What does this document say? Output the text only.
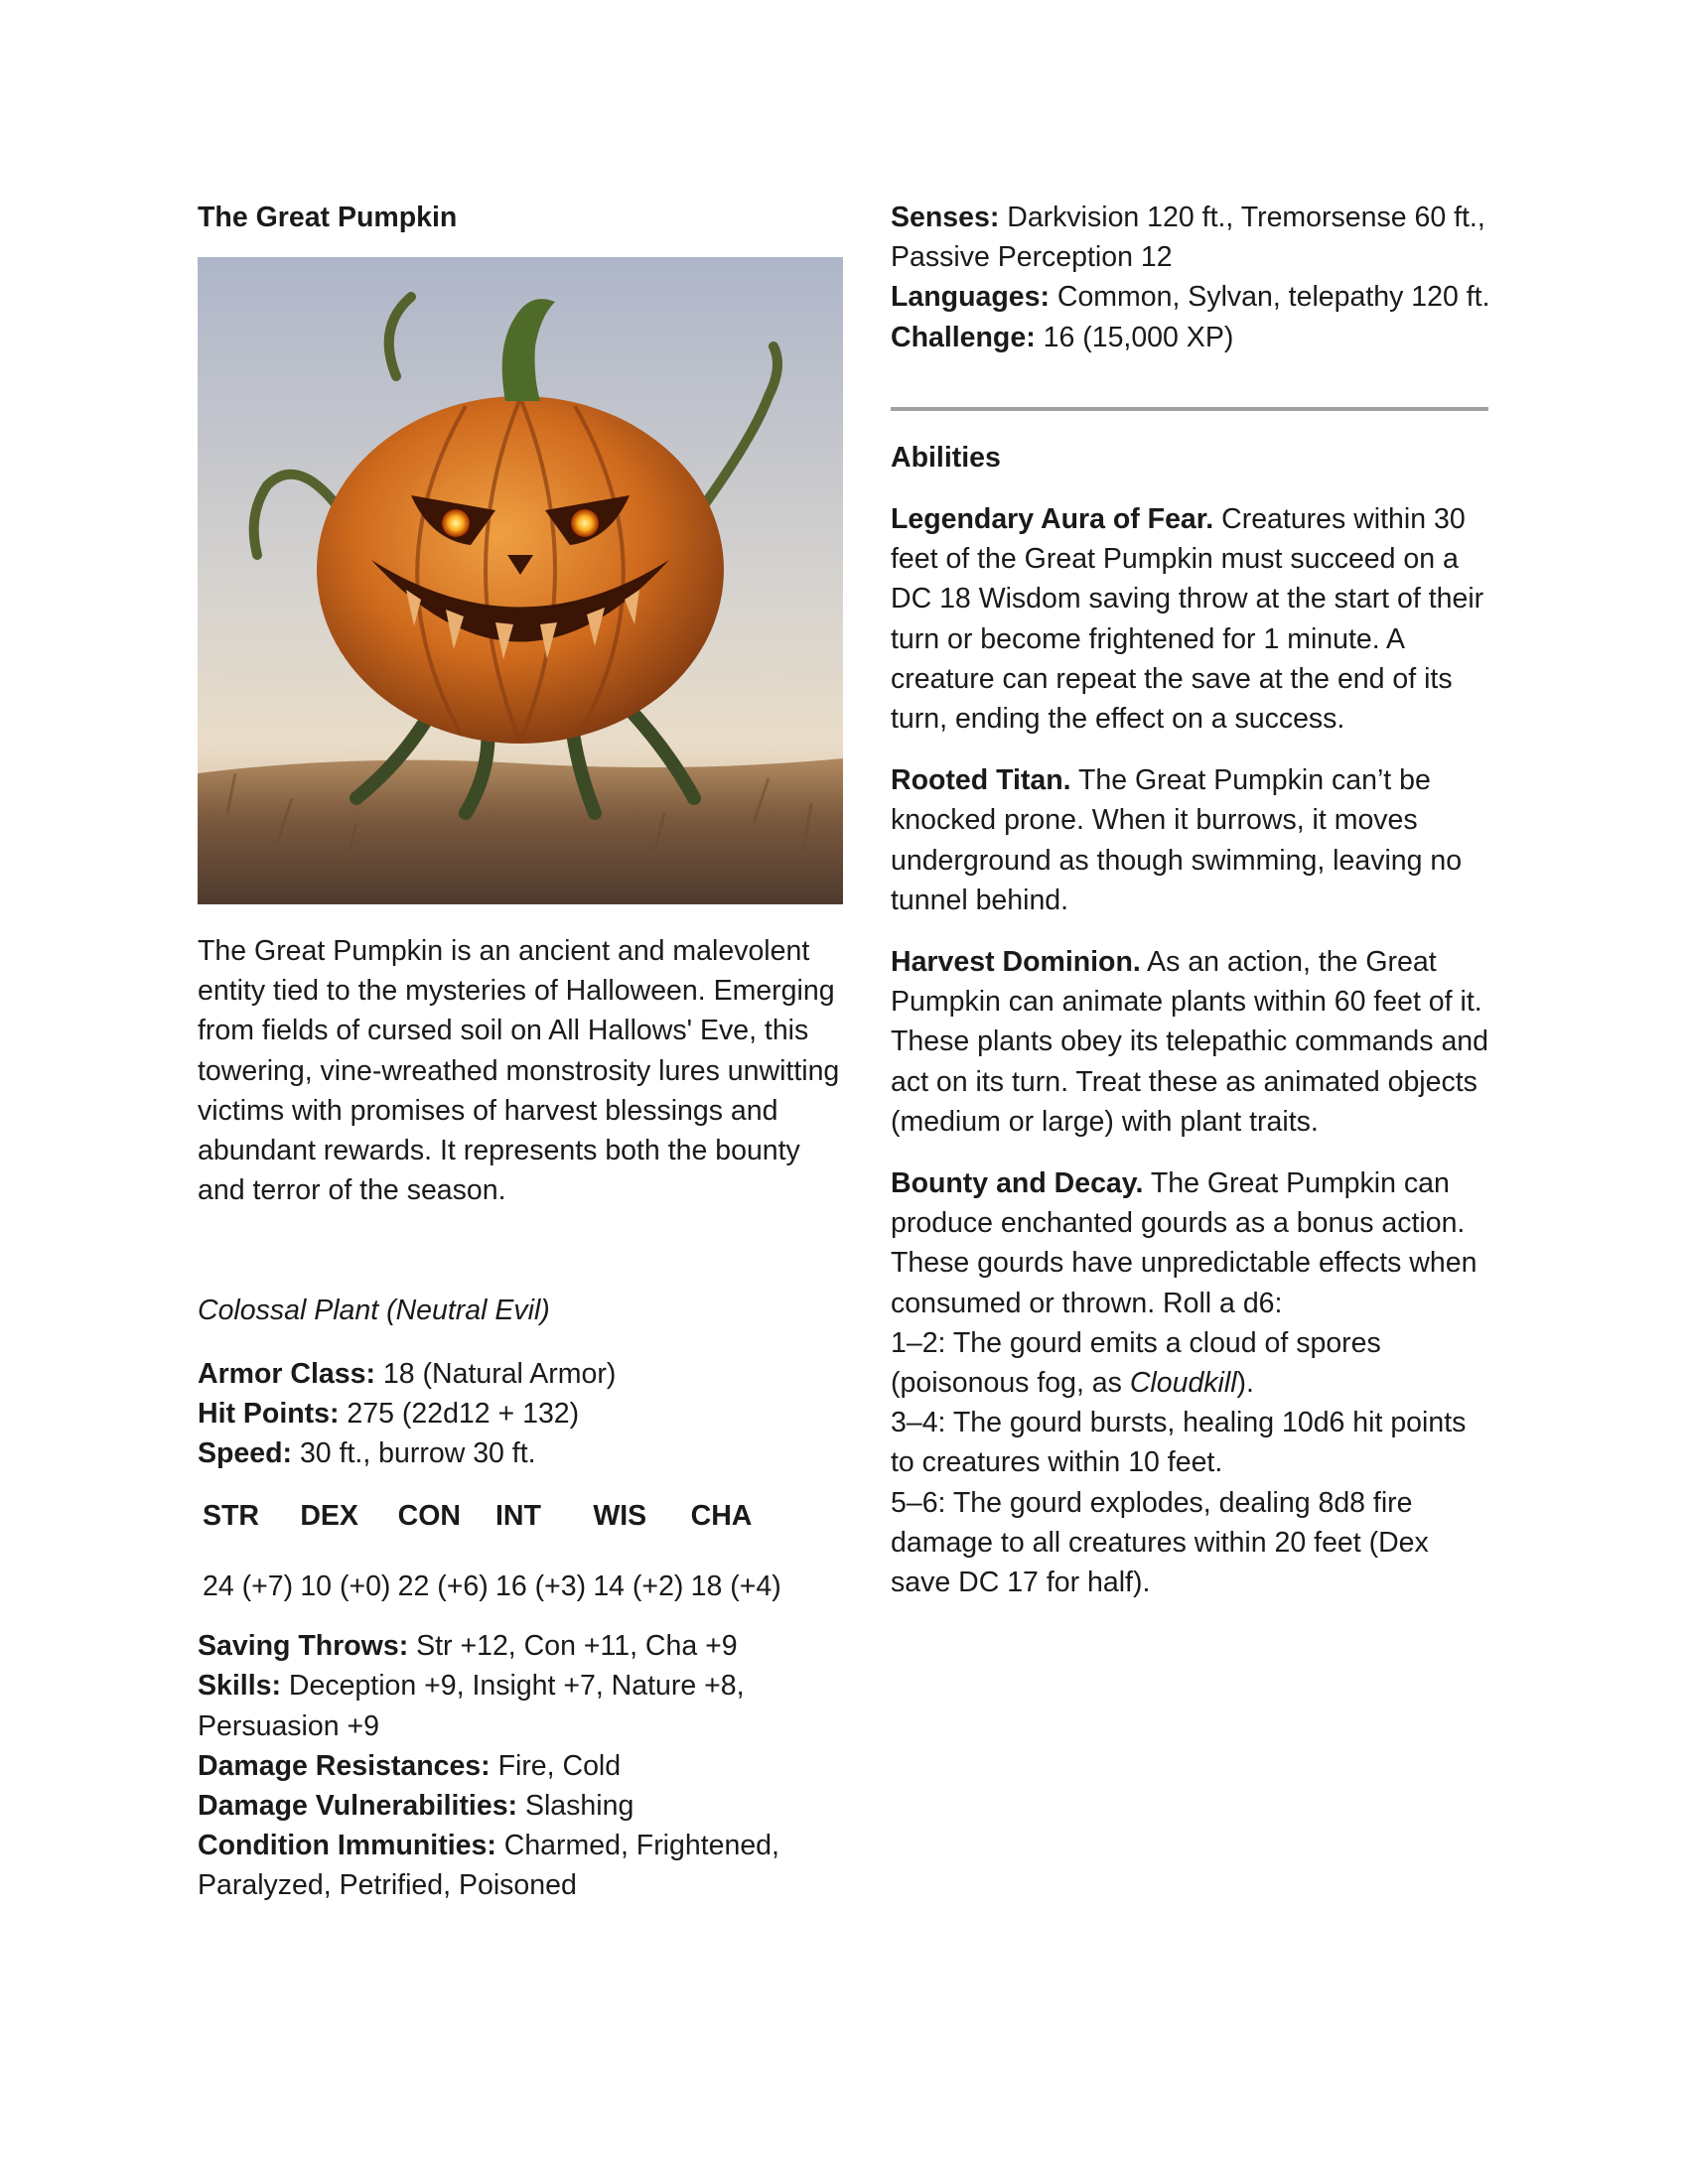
The Great Pumpkin

The Great Pumpkin is an ancient and malevolent entity tied to the mysteries of Halloween. Emerging from fields of cursed soil on All Hallows' Eve, this towering, vine-wreathed monstrosity lures unwitting victims with promises of harvest blessings and abundant rewards. It represents both the bounty and terror of the season.
Colossal Plant (Neutral Evil)
Armor Class: 18 (Natural Armor)
Hit Points: 275 (22d12 + 132)
Speed: 30 ft., burrow 30 ft.
STR	DEX	CON	INT	WIS	CHA
24 (+7)	10 (+0)	22 (+6)	16 (+3)	14 (+2)	18 (+4)
Saving Throws: Str +12, Con +11, Cha +9
Skills: Deception +9, Insight +7, Nature +8, Persuasion +9
Damage Resistances: Fire, Cold
Damage Vulnerabilities: Slashing
Condition Immunities: Charmed, Frightened, Paralyzed, Petrified, Poisoned
Senses: Darkvision 120 ft., Tremorsense 60 ft., Passive Perception 12
Languages: Common, Sylvan, telepathy 120 ft.
Challenge: 16 (15,000 XP)
Abilities
Legendary Aura of Fear. Creatures within 30 feet of the Great Pumpkin must succeed on a DC 18 Wisdom saving throw at the start of their turn or become frightened for 1 minute. A creature can repeat the save at the end of its turn, ending the effect on a success.
Rooted Titan. The Great Pumpkin can’t be knocked prone. When it burrows, it moves underground as though swimming, leaving no tunnel behind.
Harvest Dominion. As an action, the Great Pumpkin can animate plants within 60 feet of it. These plants obey its telepathic commands and act on its turn. Treat these as animated objects (medium or large) with plant traits.
Bounty and Decay. The Great Pumpkin can produce enchanted gourds as a bonus action. These gourds have unpredictable effects when consumed or thrown. Roll a d6:
1–2: The gourd emits a cloud of spores (poisonous fog, as Cloudkill).
3–4: The gourd bursts, healing 10d6 hit points to creatures within 10 feet.
5–6: The gourd explodes, dealing 8d8 fire damage to all creatures within 20 feet (Dex save DC 17 for half).
